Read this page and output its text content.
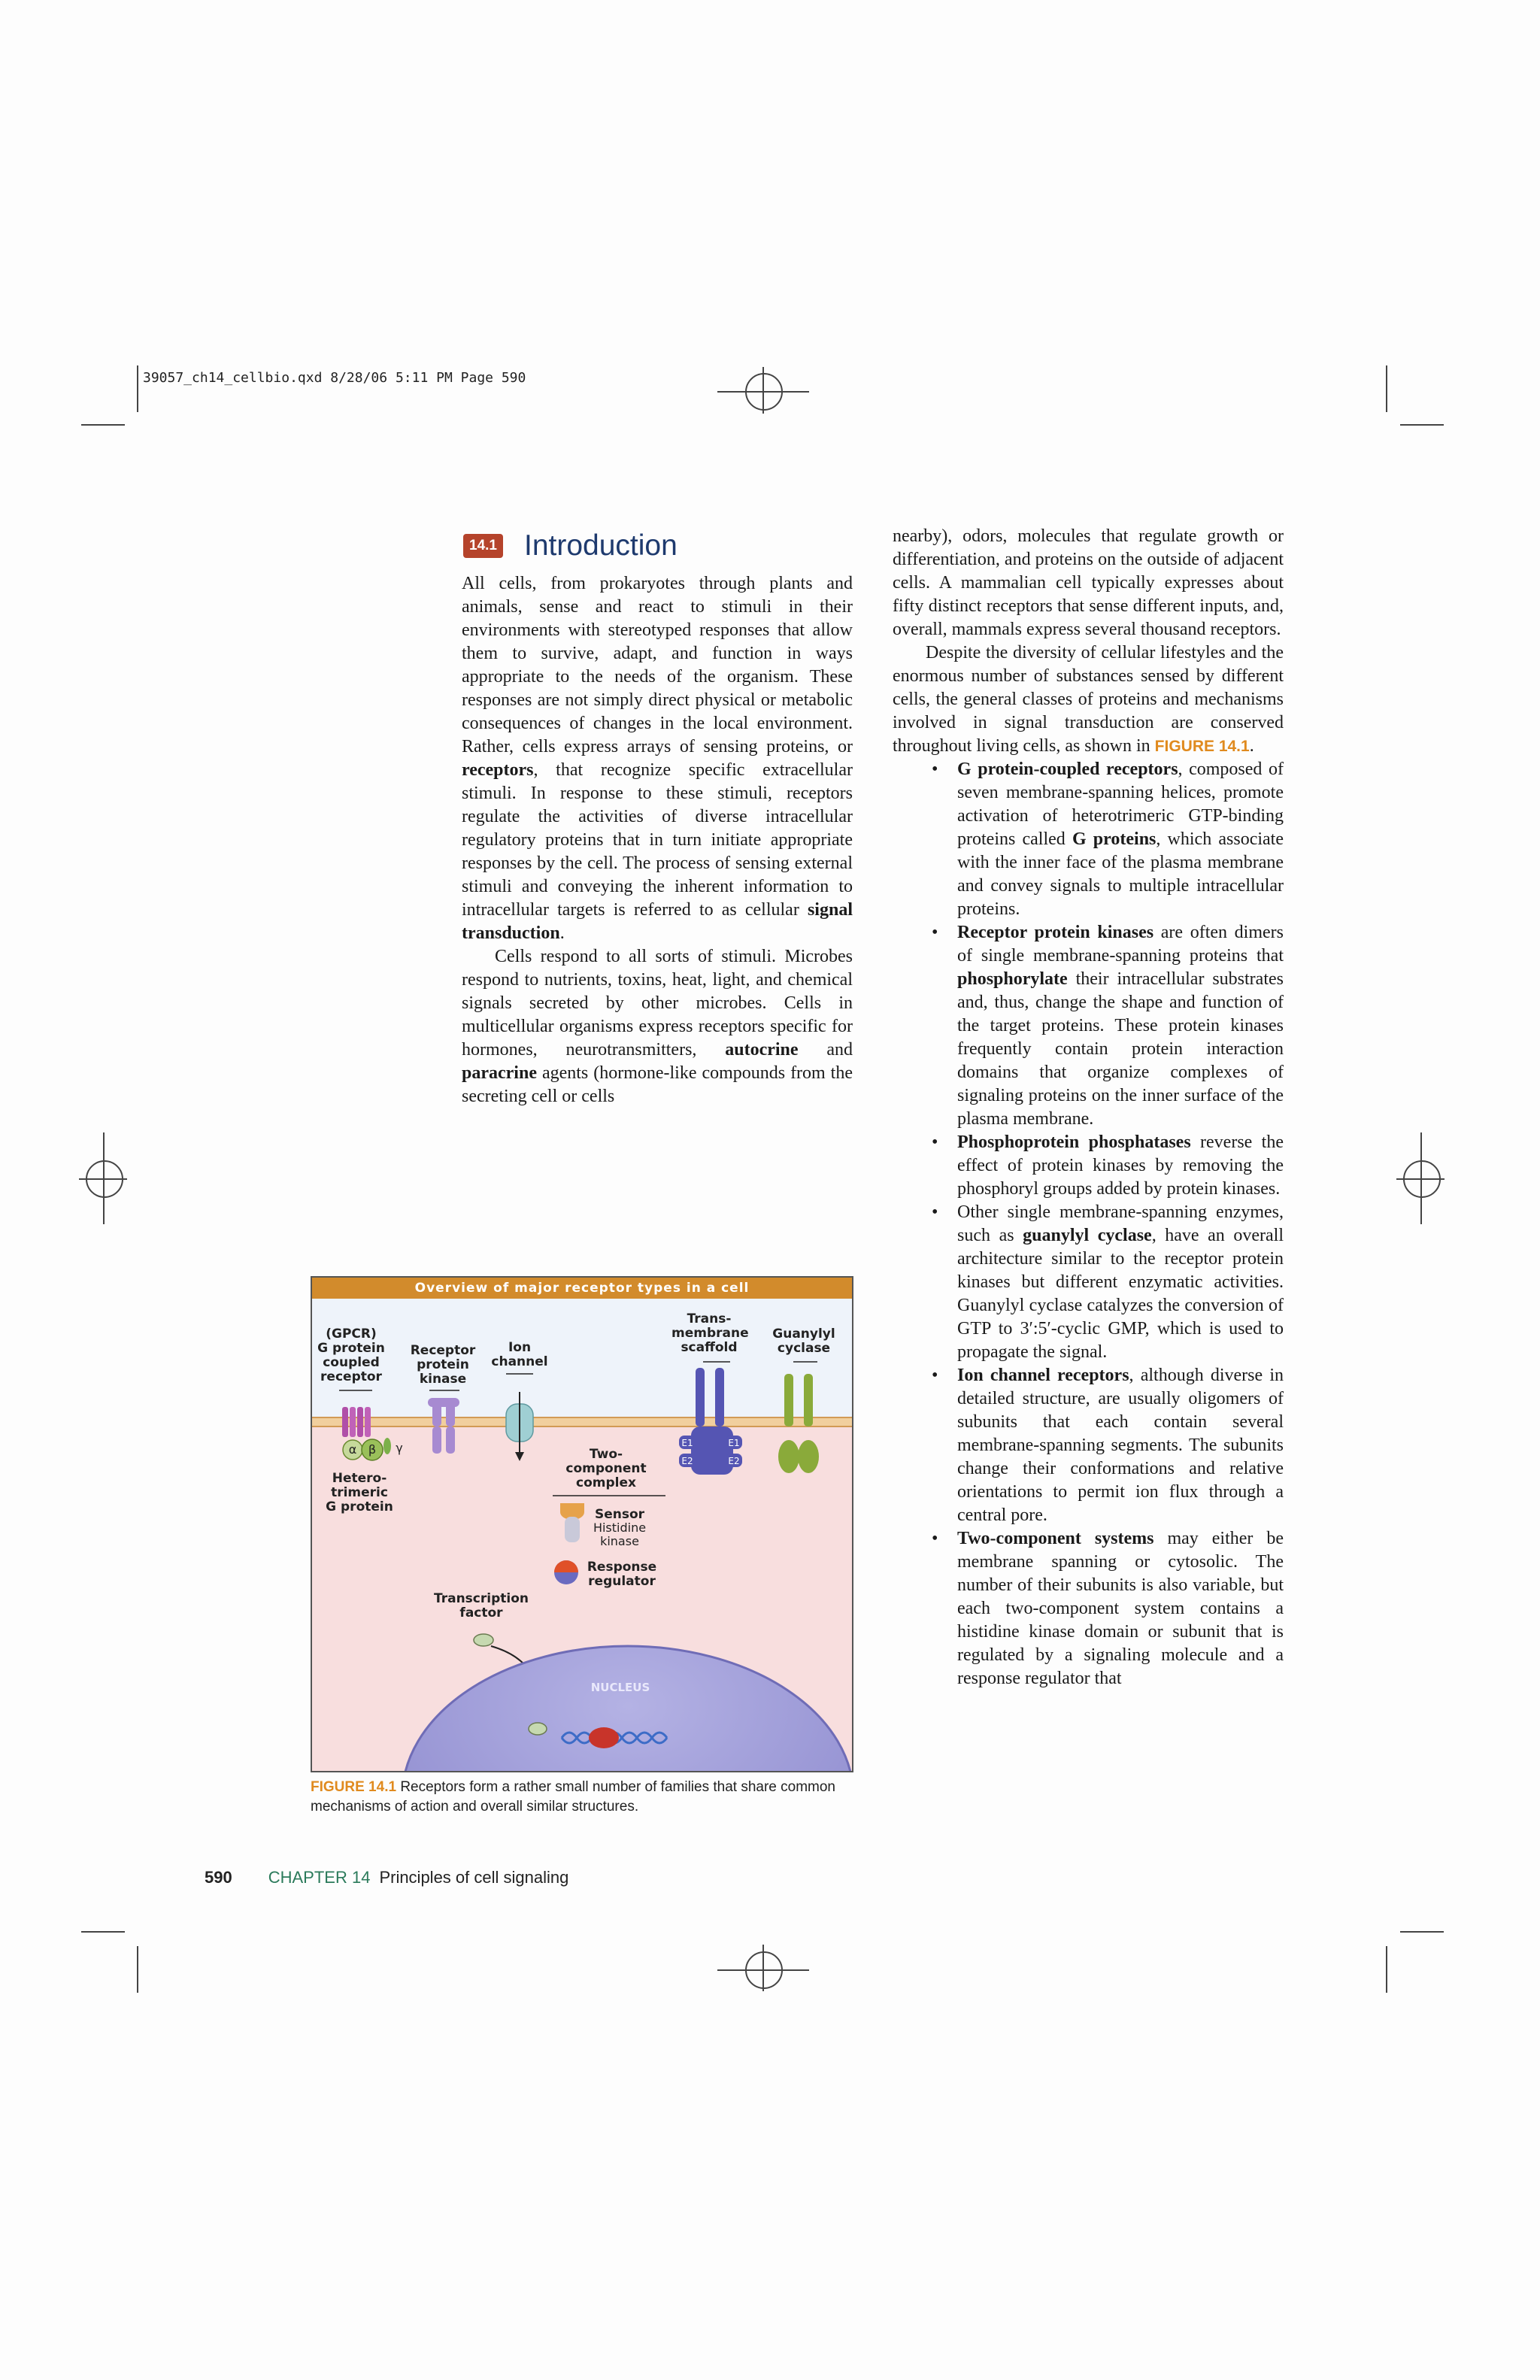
39057_ch14_cellbio.qxd 8/28/06 5:11 PM Page 590
14.1 Introduction

All cells, from prokaryotes through plants and animals, sense and react to stimuli in their environments with stereotyped responses that allow them to survive, adapt, and function in ways appropriate to the needs of the organism. These responses are not simply direct physical or metabolic consequences of changes in the local environment. Rather, cells express arrays of sensing proteins, or receptors, that recognize specific extracellular stimuli. In response to these stimuli, receptors regulate the activities of diverse intracellular regulatory proteins that in turn initiate appropriate responses by the cell. The process of sensing external stimuli and conveying the inherent information to intracellular targets is referred to as cellular signal transduction.

Cells respond to all sorts of stimuli. Microbes respond to nutrients, toxins, heat, light, and chemical signals secreted by other microbes. Cells in multicellular organisms express receptors specific for hormones, neurotransmitters, autocrine and paracrine agents (hormone-like compounds from the secreting cell or cells

nearby), odors, molecules that regulate growth or differentiation, and proteins on the outside of adjacent cells. A mammalian cell typically expresses about fifty distinct receptors that sense different inputs, and, overall, mammals express several thousand receptors.

Despite the diversity of cellular lifestyles and the enormous number of substances sensed by different cells, the general classes of proteins and mechanisms involved in signal transduction are conserved throughout living cells, as shown in FIGURE 14.1.

• G protein-coupled receptors, composed of seven membrane-spanning helices, promote activation of heterotrimeric GTP-binding proteins called G proteins, which associate with the inner face of the plasma membrane and convey signals to multiple intracellular proteins.
• Receptor protein kinases are often dimers of single membrane-spanning proteins that phosphorylate their intracellular substrates and, thus, change the shape and function of the target proteins. These protein kinases frequently contain protein interaction domains that organize complexes of signaling proteins on the inner surface of the plasma membrane.
• Phosphoprotein phosphatases reverse the effect of protein kinases by removing the phosphoryl groups added by protein kinases.
• Other single membrane-spanning enzymes, such as guanylyl cyclase, have an overall architecture similar to the receptor protein kinases but different enzymatic activities. Guanylyl cyclase catalyzes the conversion of GTP to 3′:5′-cyclic GMP, which is used to propagate the signal.
• Ion channel receptors, although diverse in detailed structure, are usually oligomers of subunits that each contain several membrane-spanning segments. The subunits change their conformations and relative orientations to permit ion flux through a central pore.
• Two-component systems may either be membrane spanning or cytosolic. The number of their subunits is also variable, but each two-component system contains a histidine kinase domain or subunit that is regulated by a signaling molecule and a response regulator that
Overview of major receptor types in a cell
(GPCR)
G protein
coupled
receptor
Receptor
protein
kinase
Ion
channel
Trans-
membrane
scaffold
Guanylyl
cyclase
Hetero-
trimeric
G protein
α β γ	E1	E1
E2	E2
Two-
component
complex
Sensor
Histidine
kinase
Response
regulator
Transcription
factor
NUCLEUS
FIGURE 14.1 Receptors form a rather small number of families that share common mechanisms of action and overall similar structures.
590 CHAPTER 14 Principles of cell signaling
